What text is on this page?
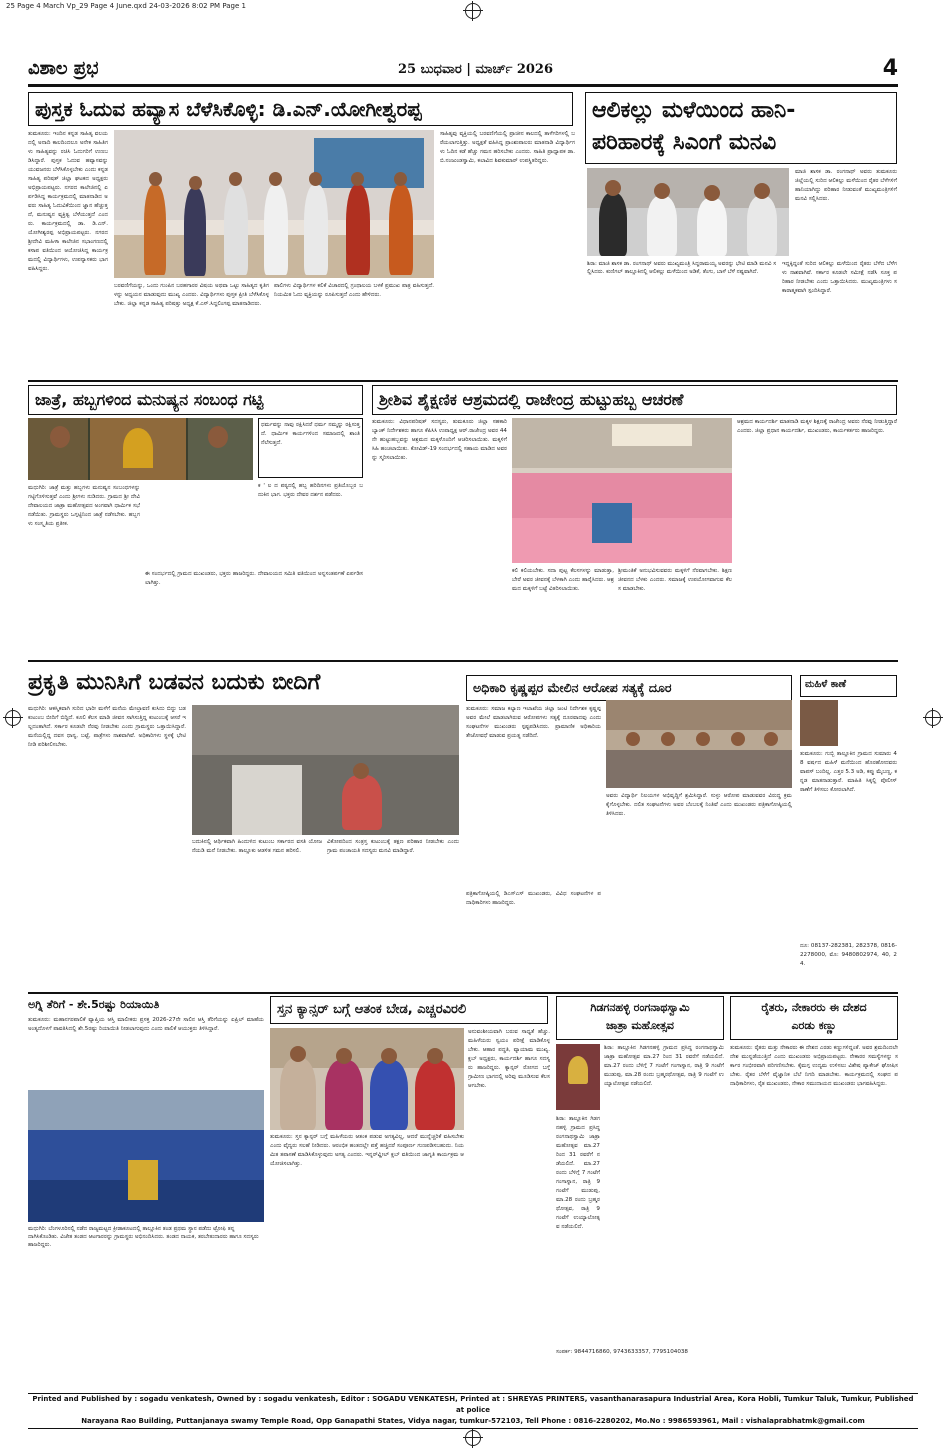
25 Page 4 March Vp_29 Page 4 June.qxd 24-03-2026 8:02 PM Page 1
ವಿಶಾಲ ಪ್ರಭ	25 ಬುಧವಾರ | ಮಾರ್ಚ್ 2026	4
ಪುಸ್ತಕ ಓದುವ ಹವ್ಯಾಸ ಬೆಳೆಸಿಕೊಳ್ಳಿ: ಡಿ.ಎನ್.ಯೋಗೀಶ್ವರಪ್ಪ
ತುಮಕೂರು: ಇಂದಿನ ಕನ್ನಡ ಸಾಹಿತ್ಯ ವಲಯದಲ್ಲಿ ಅನಾದಿ ಕಾಲದಿಂದಲೂ ಅನೇಕ ಸಾಹಿತಿಗಳು ಸಾಹಿತ್ಯವನ್ನು ರಚಿಸಿ ಓದುಗರಿಗೆ ಉಣಬಡಿಸಿದ್ದಾರೆ. ಪುಸ್ತಕ ಓದುವ ಹವ್ಯಾಸವನ್ನು ಯುವಜನರು ಬೆಳೆಸಿಕೊಳ್ಳಬೇಕು ಎಂದು ಕನ್ನಡ ಸಾಹಿತ್ಯ ಪರಿಷತ್ ಜಿಲ್ಲಾ ಘಟಕದ ಅಧ್ಯಕ್ಷರು ಅಭಿಪ್ರಾಯಪಟ್ಟರು. ನಗರದ ಕಾಲೇಜಿನಲ್ಲಿ ಏರ್ಪಡಿಸಿದ್ದ ಕಾರ್ಯಕ್ರಮದಲ್ಲಿ ಮಾತನಾಡಿದ ಅವರು ಸಾಹಿತ್ಯ ಓದುವಿಕೆಯಿಂದ ಜ್ಞಾನ ಹೆಚ್ಚುತ್ತದೆ, ಮನುಷ್ಯನ ವ್ಯಕ್ತಿತ್ವ ಬೆಳೆಯುತ್ತದೆ ಎಂದರು. ಕಾರ್ಯಕ್ರಮದಲ್ಲಿ ಡಾ. ಡಿ.ಎನ್.ಯೋಗೀಶ್ವರಪ್ಪ ಅಭಿಪ್ರಾಯಪಟ್ಟರು. ನಗರದ ಶ್ರೀದೇವಿ ಮಹಿಳಾ ಕಾಲೇಜಿನ ಸಭಾಂಗಣದಲ್ಲಿ ಕಸಾಪ ವತಿಯಿಂದ ಆಯೋಜಿಸಿದ್ದ ಕಾರ್ಯಕ್ರಮದಲ್ಲಿ ವಿದ್ಯಾರ್ಥಿಗಳು, ಉಪನ್ಯಾಸಕರು ಭಾಗವಹಿಸಿದ್ದರು.
ಬರವಣಿಗೆಯನ್ನು, ಒಂದು ಗುಂಪಿನ ಬರಹಗಾರರ ವಿಷಯ ಅಥವಾ ಒಟ್ಟು ಸಾಹಿತ್ಯದ ಕೃತಿಗಳನ್ನು ಅಧ್ಯಯನ ಮಾಡುವುದು ಮುಖ್ಯ ಎಂದರು. ವಿದ್ಯಾರ್ಥಿಗಳು ಪುಸ್ತಕ ಪ್ರೀತಿ ಬೆಳೆಸಿಕೊಳ್ಳಬೇಕು. ಜಿಲ್ಲಾ ಕನ್ನಡ ಸಾಹಿತ್ಯ ಪರಿಷತ್ತು ಅಧ್ಯಕ್ಷ ಕೆ.ಎಸ್.ಸಿದ್ದಲಿಂಗಪ್ಪ ಮಾತನಾಡಿದರು.
ಪಾಲಿಗಳು ವಿದ್ಯಾರ್ಥಿಗಳ ಕಲಿಕೆ ವಿಚಾರದಲ್ಲಿ ಗ್ರಂಥಾಲಯ ಬಳಕೆ ಪ್ರಮುಖ ಪಾತ್ರ ವಹಿಸುತ್ತದೆ. ನಿಯಮಿತ ಓದು ವ್ಯಕ್ತಿಯನ್ನು ರೂಪಿಸುತ್ತದೆ ಎಂದು ಹೇಳಿದರು.
ಸಾಹಿತ್ಯವು ವ್ಯಕ್ತಿಯಲ್ಲಿ ಬರವಣಿಗೆಯಲ್ಲಿ ಪ್ರಾಚೀನ ಕಾಲದಲ್ಲಿ ತಾಳೆಗರಿಗಳಲ್ಲಿ ಬರೆಯಲಾಗುತ್ತಿತ್ತು. ಅಧ್ಯಕ್ಷತೆ ವಹಿಸಿದ್ದ ಪ್ರಾಂಶುಪಾಲರು ಮಾತನಾಡಿ ವಿದ್ಯಾರ್ಥಿಗಳು ಓದಿನ ಕಡೆ ಹೆಚ್ಚು ಗಮನ ಹರಿಸಬೇಕು ಎಂದರು. ಸಾಹಿತಿ ಪ್ರಾಧ್ಯಾಪಕ ಡಾ. ಬಿ.ನಂಜುಂಡಸ್ವಾಮಿ, ಕಲಾವಿದ ಶಿವಕುಮಾರ್ ಉಪಸ್ಥಿತರಿದ್ದರು.
ಆಲಿಕಲ್ಲು ಮಳೆಯಿಂದ ಹಾನಿ-
ಪರಿಹಾರಕ್ಕೆ ಸಿಎಂಗೆ ಮನವಿ
ಮಾಜಿ ಶಾಸಕ ಡಾ. ರಂಗನಾಥ್ ಅವರು ತುಮಕೂರು ಜಿಲ್ಲೆಯಲ್ಲಿ ಸುರಿದ ಆಲಿಕಲ್ಲು ಮಳೆಯಿಂದ ರೈತರ ಬೆಳೆಗಳಿಗೆ ಹಾನಿಯಾಗಿದ್ದು ಪರಿಹಾರ ನೀಡುವಂತೆ ಮುಖ್ಯಮಂತ್ರಿಗಳಿಗೆ ಮನವಿ ಸಲ್ಲಿಸಿದರು.
ಶಿರಾ: ಮಾಜಿ ಶಾಸಕ ಡಾ. ರಂಗನಾಥ್ ಅವರು ಮುಖ್ಯಮಂತ್ರಿ ಸಿದ್ದರಾಮಯ್ಯ ಅವರನ್ನು ಭೇಟಿ ಮಾಡಿ ಮನವಿ ಸಲ್ಲಿಸಿದರು. ಕುಣಿಗಲ್ ತಾಲ್ಲೂಕಿನಲ್ಲಿ ಆಲಿಕಲ್ಲು ಮಳೆಯಿಂದ ಅಡಿಕೆ, ತೆಂಗು, ಬಾಳೆ ಬೆಳೆ ನಷ್ಟವಾಗಿದೆ.
ಇದ್ದಕ್ಕಿದ್ದಂತೆ ಸುರಿದ ಆಲಿಕಲ್ಲು ಮಳೆಯಿಂದ ರೈತರು ಬೆಳೆದ ಬೆಳೆಗಳು ನಾಶವಾಗಿವೆ. ಸರ್ಕಾರ ಕೂಡಲೇ ಸಮೀಕ್ಷೆ ನಡೆಸಿ ಸೂಕ್ತ ಪರಿಹಾರ ನೀಡಬೇಕು ಎಂದು ಒತ್ತಾಯಿಸಿದರು. ಮುಖ್ಯಮಂತ್ರಿಗಳು ಸಕಾರಾತ್ಮಕವಾಗಿ ಸ್ಪಂದಿಸಿದ್ದಾರೆ.
ಜಾತ್ರೆ, ಹಬ್ಬಗಳಿಂದ ಮನುಷ್ಯನ ಸಂಬಂಧ ಗಟ್ಟಿ
ಧರ್ಮವನ್ನು ನಾವು ರಕ್ಷಿಸಿದರೆ ಧರ್ಮ ನಮ್ಮನ್ನು ರಕ್ಷಿಸುತ್ತದೆ. ಧಾರ್ಮಿಕ ಕಾರ್ಯಗಳಿಂದ ಸಮಾಜದಲ್ಲಿ ಶಾಂತಿ ನೆಲೆಸುತ್ತದೆ.
ಕ ' ಲ ದ ಪಠ್ಯದಲ್ಲಿ ಹಬ್ಬ ಹರಿದಿನಗಳು ಪ್ರತಿಯೊಬ್ಬರ ಬದುಕಿನ ಭಾಗ. ಭಕ್ತರು ದೇವರ ದರ್ಶನ ಪಡೆದರು.
ಮಧುಗಿರಿ: ಜಾತ್ರೆ ಮತ್ತು ಹಬ್ಬಗಳು ಮನುಷ್ಯನ ಸಂಬಂಧಗಳನ್ನು ಗಟ್ಟಿಗೊಳಿಸುತ್ತವೆ ಎಂದು ಶ್ರೀಗಳು ನುಡಿದರು. ಗ್ರಾಮದ ಶ್ರೀ ದೇವಿ ದೇವಾಲಯದ ಜಾತ್ರಾ ಮಹೋತ್ಸವದ ಅಂಗವಾಗಿ ಧಾರ್ಮಿಕ ಸಭೆ ನಡೆಯಿತು. ಗ್ರಾಮಸ್ಥರು ಒಗ್ಗಟ್ಟಿನಿಂದ ಜಾತ್ರೆ ನಡೆಸಬೇಕು. ಹಬ್ಬಗಳು ಸಂಸ್ಕೃತಿಯ ಪ್ರತೀಕ.
ಈ ಸಂದರ್ಭದಲ್ಲಿ ಗ್ರಾಮದ ಮುಖಂಡರು, ಭಕ್ತರು ಹಾಜರಿದ್ದರು. ದೇವಾಲಯದ ಸಮಿತಿ ವತಿಯಿಂದ ಅನ್ನಸಂತರ್ಪಣೆ ಏರ್ಪಡಿಸಲಾಗಿತ್ತು.
ಶ್ರೀಶಿವ ಶೈಕ್ಷಣಿಕ ಆಶ್ರಮದಲ್ಲಿ ರಾಜೇಂದ್ರ ಹುಟ್ಟುಹಬ್ಬ ಆಚರಣೆ
ತುಮಕೂರು: ವಿಧಾನಪರಿಷತ್ ಸದಸ್ಯರು, ತುಮಕೂರು ಜಿಲ್ಲಾ ಸಹಕಾರಿ ಬ್ಯಾಂಕ್ ನಿರ್ದೇಶಕರು ಹಾಗೂ ಕೆಪಿಸಿಸಿ ಉಪಾಧ್ಯಕ್ಷ ಆರ್.ರಾಜೇಂದ್ರ ಅವರ 44 ನೇ ಹುಟ್ಟುಹಬ್ಬವನ್ನು ಆಶ್ರಮದ ಮಕ್ಕಳೊಂದಿಗೆ ಆಚರಿಸಲಾಯಿತು. ಮಕ್ಕಳಿಗೆ ಸಿಹಿ ಹಂಚಲಾಯಿತು. ಕೋವಿಡ್-19 ಸಂದರ್ಭದಲ್ಲಿ ಸಹಾಯ ಮಾಡಿದ ಅವರನ್ನು ಸ್ಮರಿಸಲಾಯಿತು.
ಕಲಿ ಕಲಿಯಬೇಕು. ಸದಾ ಪುಟ್ಟ ಕೆಲಸಗಳನ್ನು ಮಾಡುತ್ತಾ, ಬೇರೆ ಅವರ ಜೀವನಕ್ಕೆ ಬೆಳಕಾಗಿ ಎಂದು ಹಾರೈಸಿದರು. ಆಶ್ರಮದ ಮಕ್ಕಳಿಗೆ ಬಟ್ಟೆ ವಿತರಿಸಲಾಯಿತು.
ಶ್ರೀಮಂತಿಕೆ ಅನುಭವಿಸುವವರು ಮಕ್ಕಳಿಗೆ ನೆರವಾಗಬೇಕು. ಶಿಕ್ಷಣ ಜೀವನದ ಬೆಳಕು ಎಂದರು. ಸಮಾಜಕ್ಕೆ ಉಪಯೋಗವಾಗುವ ಕೆಲಸ ಮಾಡಬೇಕು.
ಆಶ್ರಮದ ಕಾರ್ಯದರ್ಶಿ ಮಾತನಾಡಿ ಮಕ್ಕಳ ಶಿಕ್ಷಣಕ್ಕೆ ರಾಜೇಂದ್ರ ಅವರು ನೆರವು ನೀಡುತ್ತಿದ್ದಾರೆ ಎಂದರು. ಜಿಲ್ಲಾ ಪ್ರಧಾನ ಕಾರ್ಯದರ್ಶಿ, ಮುಖಂಡರು, ಕಾರ್ಯಕರ್ತರು ಹಾಜರಿದ್ದರು.
ಪ್ರಕೃತಿ ಮುನಿಸಿಗೆ ಬಡವನ ಬದುಕು ಬೀದಿಗೆ
ಮಧುಗಿರಿ: ಆಕಸ್ಮಿಕವಾಗಿ ಸುರಿದ ಭಾರೀ ಮಳೆಗೆ ಮನೆಯ ಮೇಲ್ಛಾವಣಿ ಕುಸಿದು ಬಿದ್ದು ಬಡ ಕುಟುಂಬ ಬೀದಿಗೆ ಬಿದ್ದಿದೆ. ಕೂಲಿ ಕೆಲಸ ಮಾಡಿ ಜೀವನ ಸಾಗಿಸುತ್ತಿದ್ದ ಕುಟುಂಬಕ್ಕೆ ಆಸರೆ ಇಲ್ಲದಂತಾಗಿದೆ. ಸರ್ಕಾರ ಕೂಡಲೇ ನೆರವು ನೀಡಬೇಕು ಎಂದು ಗ್ರಾಮಸ್ಥರು ಒತ್ತಾಯಿಸಿದ್ದಾರೆ. ಮನೆಯಲ್ಲಿದ್ದ ದವಸ ಧಾನ್ಯ, ಬಟ್ಟೆ, ಪಾತ್ರೆಗಳು ನಾಶವಾಗಿವೆ. ಅಧಿಕಾರಿಗಳು ಸ್ಥಳಕ್ಕೆ ಭೇಟಿ ನೀಡಿ ಪರಿಶೀಲಿಸಬೇಕು.
ಬದುಕಿನಲ್ಲಿ ಆರ್ಥಿಕವಾಗಿ ಹಿಂದುಳಿದ ಕುಟುಂಬ ಸರ್ಕಾರದ ವಸತಿ ಯೋಜನೆಯಡಿ ಮನೆ ನೀಡಬೇಕು. ತಾಲ್ಲೂಕು ಆಡಳಿತ ಗಮನ ಹರಿಸಲಿ.
ವಿಕೋಪದಿಂದ ಸಂತ್ರಸ್ತ ಕುಟುಂಬಕ್ಕೆ ತಕ್ಷಣ ಪರಿಹಾರ ನೀಡಬೇಕು ಎಂದು ಗ್ರಾಮ ಪಂಚಾಯತಿ ಸದಸ್ಯರು ಮನವಿ ಮಾಡಿದ್ದಾರೆ.
ಅಧಿಕಾರಿ ಕೃಷ್ಣಪ್ಪರ ಮೇಲಿನ ಆರೋಪ ಸತ್ಯಕ್ಕೆ ದೂರ
ತುಮಕೂರು: ಸಮಾಜ ಕಲ್ಯಾಣ ಇಲಾಖೆಯ ಜಿಲ್ಲಾ ಜಂಟಿ ನಿರ್ದೇಶಕ ಕೃಷ್ಣಪ್ಪ ಅವರ ಮೇಲೆ ಮಾಡಲಾಗಿರುವ ಆರೋಪಗಳು ಸತ್ಯಕ್ಕೆ ದೂರವಾದವು ಎಂದು ಸಂಘಟನೆಗಳ ಮುಖಂಡರು ಸ್ಪಷ್ಟಪಡಿಸಿದರು. ಪ್ರಾಮಾಣಿಕ ಅಧಿಕಾರಿಯ ತೇಜೋವಧೆ ಮಾಡುವ ಪ್ರಯತ್ನ ನಡೆದಿದೆ.
ಅವರು ವಿದ್ಯಾರ್ಥಿ ನಿಲಯಗಳ ಅಭಿವೃದ್ಧಿಗೆ ಶ್ರಮಿಸಿದ್ದಾರೆ. ಸುಳ್ಳು ಆರೋಪ ಮಾಡುವವರ ವಿರುದ್ಧ ಕ್ರಮ ಕೈಗೊಳ್ಳಬೇಕು. ದಲಿತ ಸಂಘಟನೆಗಳು ಅವರ ಬೆಂಬಲಕ್ಕೆ ನಿಂತಿವೆ ಎಂದು ಮುಖಂಡರು ಪತ್ರಿಕಾಗೋಷ್ಠಿಯಲ್ಲಿ ತಿಳಿಸಿದರು.
ಪತ್ರಿಕಾಗೋಷ್ಠಿಯಲ್ಲಿ ಡಿಎಸ್‌ಎಸ್ ಮುಖಂಡರು, ವಿವಿಧ ಸಂಘಟನೆಗಳ ಪದಾಧಿಕಾರಿಗಳು ಹಾಜರಿದ್ದರು.
ಮಹಿಳೆ ಕಾಣೆ
ತುಮಕೂರು: ಗುಬ್ಬಿ ತಾಲ್ಲೂಕಿನ ಗ್ರಾಮದ ಸುಮಾರು 48 ವರ್ಷದ ಮಹಿಳೆ ಮನೆಯಿಂದ ಹೊರಹೋದವರು ವಾಪಸ್ ಬಂದಿಲ್ಲ. ಎತ್ತರ 5.3 ಅಡಿ, ಕಪ್ಪು ಮೈಬಣ್ಣ, ಕನ್ನಡ ಮಾತನಾಡುತ್ತಾರೆ. ಮಾಹಿತಿ ಸಿಕ್ಕಲ್ಲಿ ಪೊಲೀಸ್ ಠಾಣೆಗೆ ತಿಳಿಸಲು ಕೋರಲಾಗಿದೆ.
ದೂ: 08137-282381, 282378, 0816-2278000, ಮೊ: 9480802974, 40, 24.
ಅಗ್ನಿ ತೆರಿಗೆ - ಶೇ.5ರಷ್ಟು ರಿಯಾಯಿತಿ
ತುಮಕೂರು: ಮಹಾನಗರಪಾಲಿಕೆ ವ್ಯಾಪ್ತಿಯ ಆಸ್ತಿ ಮಾಲೀಕರು ಪ್ರಸಕ್ತ 2026-27ನೇ ಸಾಲಿನ ಆಸ್ತಿ ತೆರಿಗೆಯನ್ನು ಏಪ್ರಿಲ್ ಮಾಹೆಯ ಅಂತ್ಯದೊಳಗೆ ಪಾವತಿಸಿದಲ್ಲಿ ಶೇ.5ರಷ್ಟು ರಿಯಾಯಿತಿ ನೀಡಲಾಗುವುದು ಎಂದು ಪಾಲಿಕೆ ಆಯುಕ್ತರು ತಿಳಿಸಿದ್ದಾರೆ.
ಮಧುಗಿರಿ: ಬೆಂಗಳೂರಿನಲ್ಲಿ ನಡೆದ ರಾಜ್ಯಮಟ್ಟದ ಕ್ರೀಡಾಕೂಟದಲ್ಲಿ ತಾಲ್ಲೂಕಿನ ತಂಡ ಪ್ರಥಮ ಸ್ಥಾನ ಪಡೆದು ಟ್ರೋಫಿ ತನ್ನದಾಗಿಸಿಕೊಂಡಿತು. ವಿಜೇತ ತಂಡದ ಆಟಗಾರರನ್ನು ಗ್ರಾಮಸ್ಥರು ಅಭಿನಂದಿಸಿದರು. ತಂಡದ ನಾಯಕ, ತರಬೇತುದಾರರು ಹಾಗೂ ಸದಸ್ಯರು ಹಾಜರಿದ್ದರು.
ಸ್ತನ ಕ್ಯಾನ್ಸರ್ ಬಗ್ಗೆ ಆತಂಕ ಬೇಡ, ಎಚ್ಚರವಿರಲಿ
ತುಮಕೂರು: ಸ್ತನ ಕ್ಯಾನ್ಸರ್ ಬಗ್ಗೆ ಮಹಿಳೆಯರು ಆತಂಕ ಪಡುವ ಅಗತ್ಯವಿಲ್ಲ, ಆದರೆ ಮುನ್ನೆಚ್ಚರಿಕೆ ವಹಿಸಬೇಕು ಎಂದು ವೈದ್ಯರು ಸಲಹೆ ನೀಡಿದರು. ಆರಂಭಿಕ ಹಂತದಲ್ಲೇ ಪತ್ತೆ ಹಚ್ಚಿದರೆ ಸಂಪೂರ್ಣ ಗುಣಪಡಿಸಬಹುದು. ನಿಯಮಿತ ತಪಾಸಣೆ ಮಾಡಿಸಿಕೊಳ್ಳುವುದು ಅಗತ್ಯ ಎಂದರು. ಇನ್ನರ್‌ವ್ಹೀಲ್ ಕ್ಲಬ್ ವತಿಯಿಂದ ಜಾಗೃತಿ ಕಾರ್ಯಕ್ರಮ ಆಯೋಜಿಸಲಾಗಿತ್ತು.
ಅನುವಂಶೀಯವಾಗಿ ಬರುವ ಸಾಧ್ಯತೆ ಹೆಚ್ಚು. ಮಹಿಳೆಯರು ಸ್ವಯಂ ಪರೀಕ್ಷೆ ಮಾಡಿಕೊಳ್ಳಬೇಕು. ಆಹಾರ ಪದ್ಧತಿ, ವ್ಯಾಯಾಮ ಮುಖ್ಯ. ಕ್ಲಬ್ ಅಧ್ಯಕ್ಷರು, ಕಾರ್ಯದರ್ಶಿ ಹಾಗೂ ಸದಸ್ಯರು ಹಾಜರಿದ್ದರು. ಕ್ಯಾನ್ಸರ್ ರೋಗದ ಬಗ್ಗೆ ಗ್ರಾಮೀಣ ಭಾಗದಲ್ಲಿ ಅರಿವು ಮೂಡಿಸುವ ಕೆಲಸ ಆಗಬೇಕು.
ಗಿಡಗನಹಳ್ಳಿ ರಂಗನಾಥಸ್ವಾಮಿ
ಜಾತ್ರಾ ಮಹೋತ್ಸವ
ಶಿರಾ: ತಾಲ್ಲೂಕಿನ ಗಿಡಗನಹಳ್ಳಿ ಗ್ರಾಮದ ಪ್ರಸಿದ್ಧ ರಂಗನಾಥಸ್ವಾಮಿ ಜಾತ್ರಾ ಮಹೋತ್ಸವ ಮಾ.27 ರಿಂದ 31 ರವರೆಗೆ ನಡೆಯಲಿದೆ. ಮಾ.27 ರಂದು ಬೆಳಿಗ್ಗೆ 7 ಗಂಟೆಗೆ ಗಂಗಾಸ್ನಾನ, ರಾತ್ರಿ 9 ಗಂಟೆಗೆ ಮುಡುಪು, ಮಾ.28 ರಂದು ಬ್ರಹ್ಮರಥೋತ್ಸವ, ರಾತ್ರಿ 9 ಗಂಟೆಗೆ ಉಯ್ಯಾಲೋತ್ಸವ ನಡೆಯಲಿದೆ.
ಶಿರಾ: ತಾಲ್ಲೂಕಿನ ಗಿಡಗನಹಳ್ಳಿ ಗ್ರಾಮದ ಪ್ರಸಿದ್ಧ ರಂಗನಾಥಸ್ವಾಮಿ ಜಾತ್ರಾ ಮಹೋತ್ಸವ ಮಾ.27 ರಿಂದ 31 ರವರೆಗೆ ನಡೆಯಲಿದೆ. ಮಾ.27 ರಂದು ಬೆಳಿಗ್ಗೆ 7 ಗಂಟೆಗೆ ಗಂಗಾಸ್ನಾನ, ರಾತ್ರಿ 9 ಗಂಟೆಗೆ ಮುಡುಪು, ಮಾ.28 ರಂದು ಬ್ರಹ್ಮರಥೋತ್ಸವ, ರಾತ್ರಿ 9 ಗಂಟೆಗೆ ಉಯ್ಯಾಲೋತ್ಸವ ನಡೆಯಲಿದೆ.
ಸಂಪರ್ಕ: 9844716860, 9743633357, 7795104038
ರೈತರು, ನೇಕಾರರು ಈ ದೇಶದ
ಎರಡು ಕಣ್ಣು
ತುಮಕೂರು: ರೈತರು ಮತ್ತು ನೇಕಾರರು ಈ ದೇಶದ ಎರಡು ಕಣ್ಣುಗಳಿದ್ದಂತೆ. ಅವರ ಶ್ರಮದಿಂದಲೇ ದೇಶ ಮುನ್ನಡೆಯುತ್ತಿದೆ ಎಂದು ಮುಖಂಡರು ಅಭಿಪ್ರಾಯಪಟ್ಟರು. ನೇಕಾರರ ಸಮಸ್ಯೆಗಳನ್ನು ಸರ್ಕಾರ ಗಂಭೀರವಾಗಿ ಪರಿಗಣಿಸಬೇಕು. ಕೈಮಗ್ಗ ಉದ್ಯಮ ಉಳಿಸಲು ವಿಶೇಷ ಪ್ಯಾಕೇಜ್ ಘೋಷಿಸಬೇಕು. ರೈತರ ಬೆಳೆಗೆ ವೈಜ್ಞಾನಿಕ ಬೆಲೆ ನಿಗದಿ ಮಾಡಬೇಕು. ಕಾರ್ಯಕ್ರಮದಲ್ಲಿ ಸಂಘದ ಪದಾಧಿಕಾರಿಗಳು, ರೈತ ಮುಖಂಡರು, ನೇಕಾರ ಸಮುದಾಯದ ಮುಖಂಡರು ಭಾಗವಹಿಸಿದ್ದರು.
Printed and Published by : sogadu venkatesh, Owned by : sogadu venkatesh, Editor : SOGADU VENKATESH, Printed at : SHREYAS PRINTERS, vasanthanarasapura Industrial Area, Kora Hobli, Tumkur Taluk, Tumkur, Published at police
Narayana Rao Building, Puttanjanaya swamy Temple Road, Opp Ganapathi States, Vidya nagar, tumkur-572103, Tell Phone : 0816-2280202, Mo.No : 9986593961, Mail : vishalaprabhatmk@gmail.com
